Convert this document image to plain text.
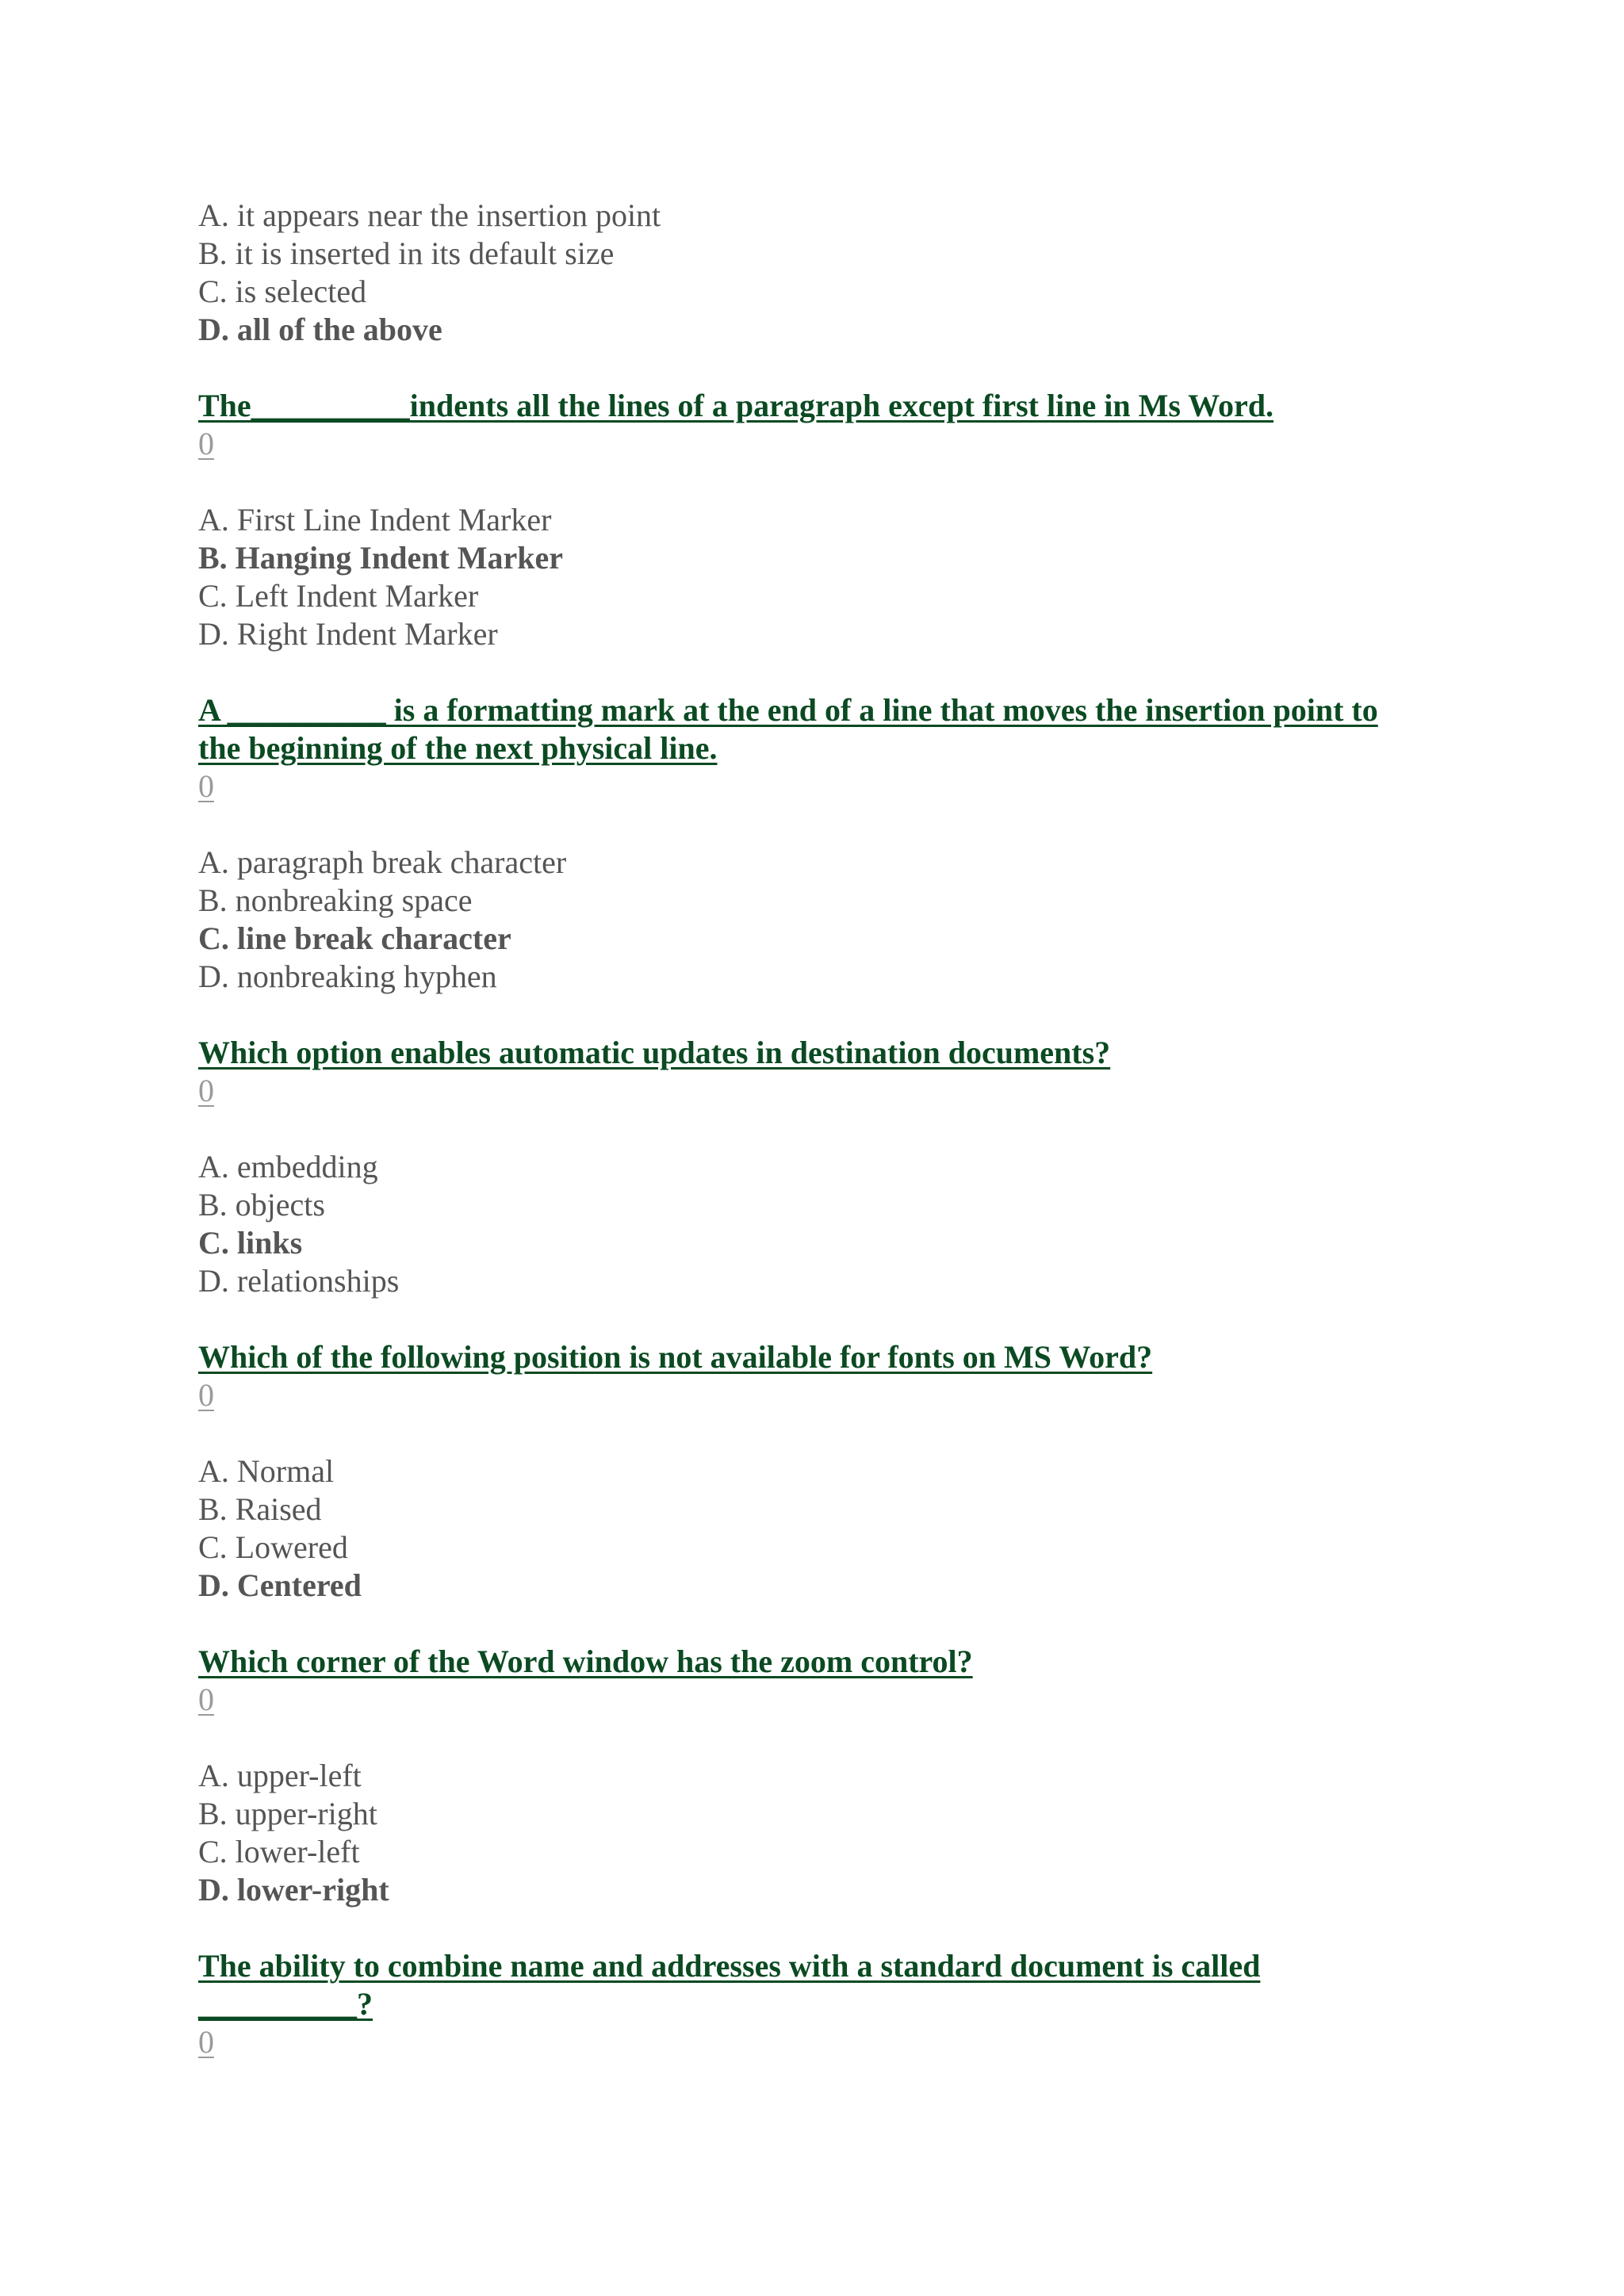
A. it appears near the insertion point
B. it is inserted in its default size
C. is selected
D. all of the above
The__________indents all the lines of a paragraph except first line in Ms Word.
0
A. First Line Indent Marker
B. Hanging Indent Marker
C. Left Indent Marker
D. Right Indent Marker
A __________ is a formatting mark at the end of a line that moves the insertion point to
the beginning of the next physical line.
0
A. paragraph break character
B. nonbreaking space
C. line break character
D. nonbreaking hyphen
Which option enables automatic updates in destination documents?
0
A. embedding
B. objects
C. links
D. relationships
Which of the following position is not available for fonts on MS Word?
0
A. Normal
B. Raised
C. Lowered
D. Centered
Which corner of the Word window has the zoom control?
0
A. upper-left
B. upper-right
C. lower-left
D. lower-right
The ability to combine name and addresses with a standard document is called
__________?
0
